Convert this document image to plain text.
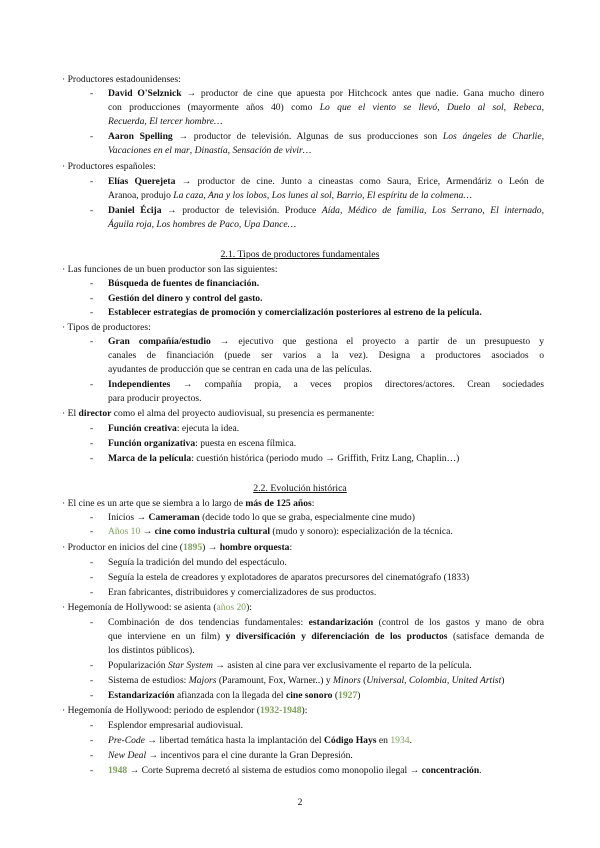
· Productores estadounidenses:
- David O'Selznick → productor de cine que apuesta por Hitchcock antes que nadie. Gana mucho dinero
con producciones (mayormente años 40) como Lo que el viento se llevó, Duelo al sol, Rebeca,
Recuerda, El tercer hombre…
- Aaron Spelling → productor de televisión. Algunas de sus producciones son Los ángeles de Charlie,
Vacaciones en el mar, Dinastía, Sensación de vivir…
· Productores españoles:
- Elías Querejeta → productor de cine. Junto a cineastas como Saura, Erice, Armendáriz o León de
Aranoa, produjo La caza, Ana y los lobos, Los lunes al sol, Barrio, El espíritu de la colmena…
- Daniel Écija → productor de televisión. Produce Aída, Médico de familia, Los Serrano, El internado,
Águila roja, Los hombres de Paco, Upa Dance…
2.1. Tipos de productores fundamentales
· Las funciones de un buen productor son las siguientes:
- Búsqueda de fuentes de financiación.
- Gestión del dinero y control del gasto.
- Establecer estrategias de promoción y comercialización posteriores al estreno de la película.
· Tipos de productores:
- Gran compañía/estudio → ejecutivo que gestiona el proyecto a partir de un presupuesto y
canales de financiación (puede ser varios a la vez). Designa a productores asociados o
ayudantes de producción que se centran en cada una de las películas.
- Independientes → compañía propia, a veces propios directores/actores. Crean sociedades
para producir proyectos.
· El director como el alma del proyecto audiovisual, su presencia es permanente:
- Función creativa: ejecuta la idea.
- Función organizativa: puesta en escena fílmica.
- Marca de la película: cuestión histórica (periodo mudo → Griffith, Fritz Lang, Chaplin…)
2.2. Evolución histórica
· El cine es un arte que se siembra a lo largo de más de 125 años:
- Inicios → Cameraman (decide todo lo que se graba, especialmente cine mudo)
- Años 10 → cine como industria cultural (mudo y sonoro): especialización de la técnica.
· Productor en inicios del cine (1895) → hombre orquesta:
- Seguía la tradición del mundo del espectáculo.
- Seguía la estela de creadores y explotadores de aparatos precursores del cinematógrafo (1833)
- Eran fabricantes, distribuidores y comercializadores de sus productos.
· Hegemonía de Hollywood: se asienta (años 20):
- Combinación de dos tendencias fundamentales: estandarización (control de los gastos y mano de obra
que interviene en un film) y diversificación y diferenciación de los productos (satisface demanda de
los distintos públicos).
- Popularización Star System → asisten al cine para ver exclusivamente el reparto de la película.
- Sistema de estudios: Majors (Paramount, Fox, Warner..) y Minors (Universal, Colombia, United Artist)
- Estandarización afianzada con la llegada del cine sonoro (1927)
· Hegemonía de Hollywood: periodo de esplendor (1932-1948):
- Esplendor empresarial audiovisual.
- Pre-Code → libertad temática hasta la implantación del Código Hays en 1934.
- New Deal → incentivos para el cine durante la Gran Depresión.
- 1948 → Corte Suprema decretó al sistema de estudios como monopolio ilegal → concentración.
2
